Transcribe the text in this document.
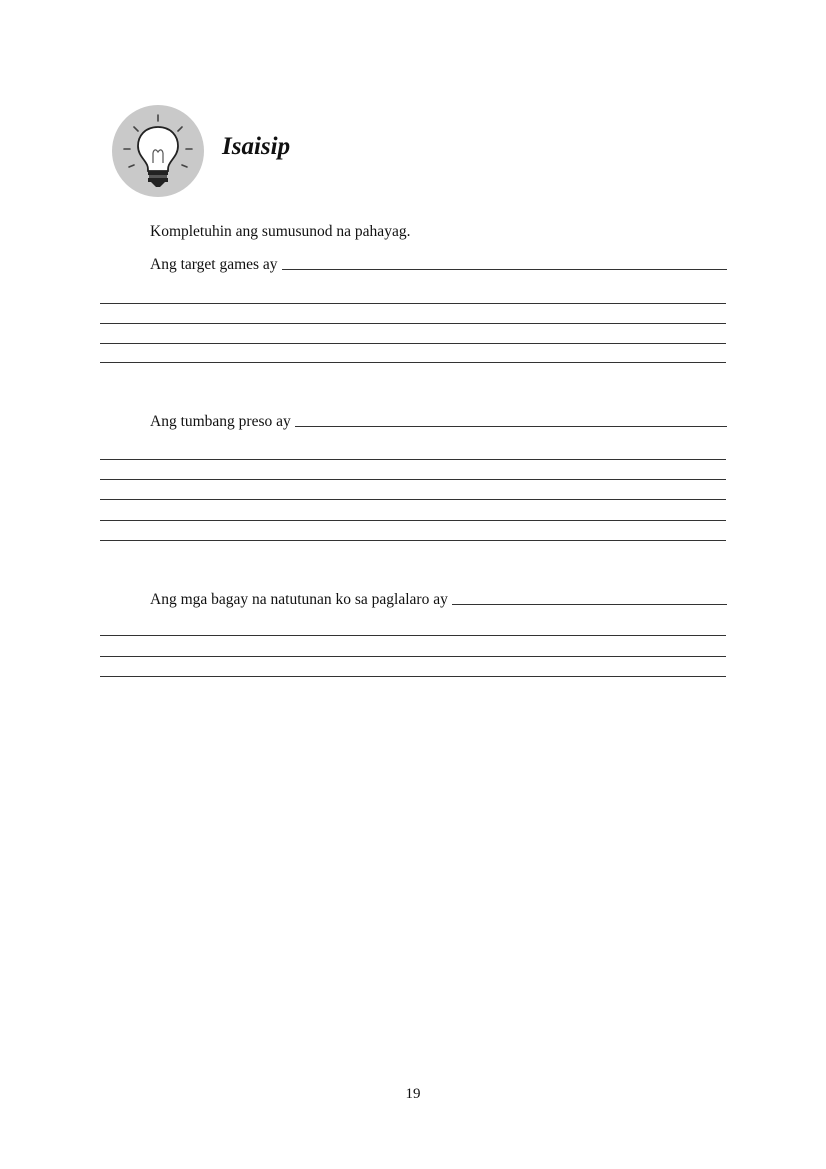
Isaisip

Kompletuhin ang sumusunod na pahayag.

Ang target games ay
Ang tumbang preso ay
Ang mga bagay na natutunan ko sa paglalaro ay

19
